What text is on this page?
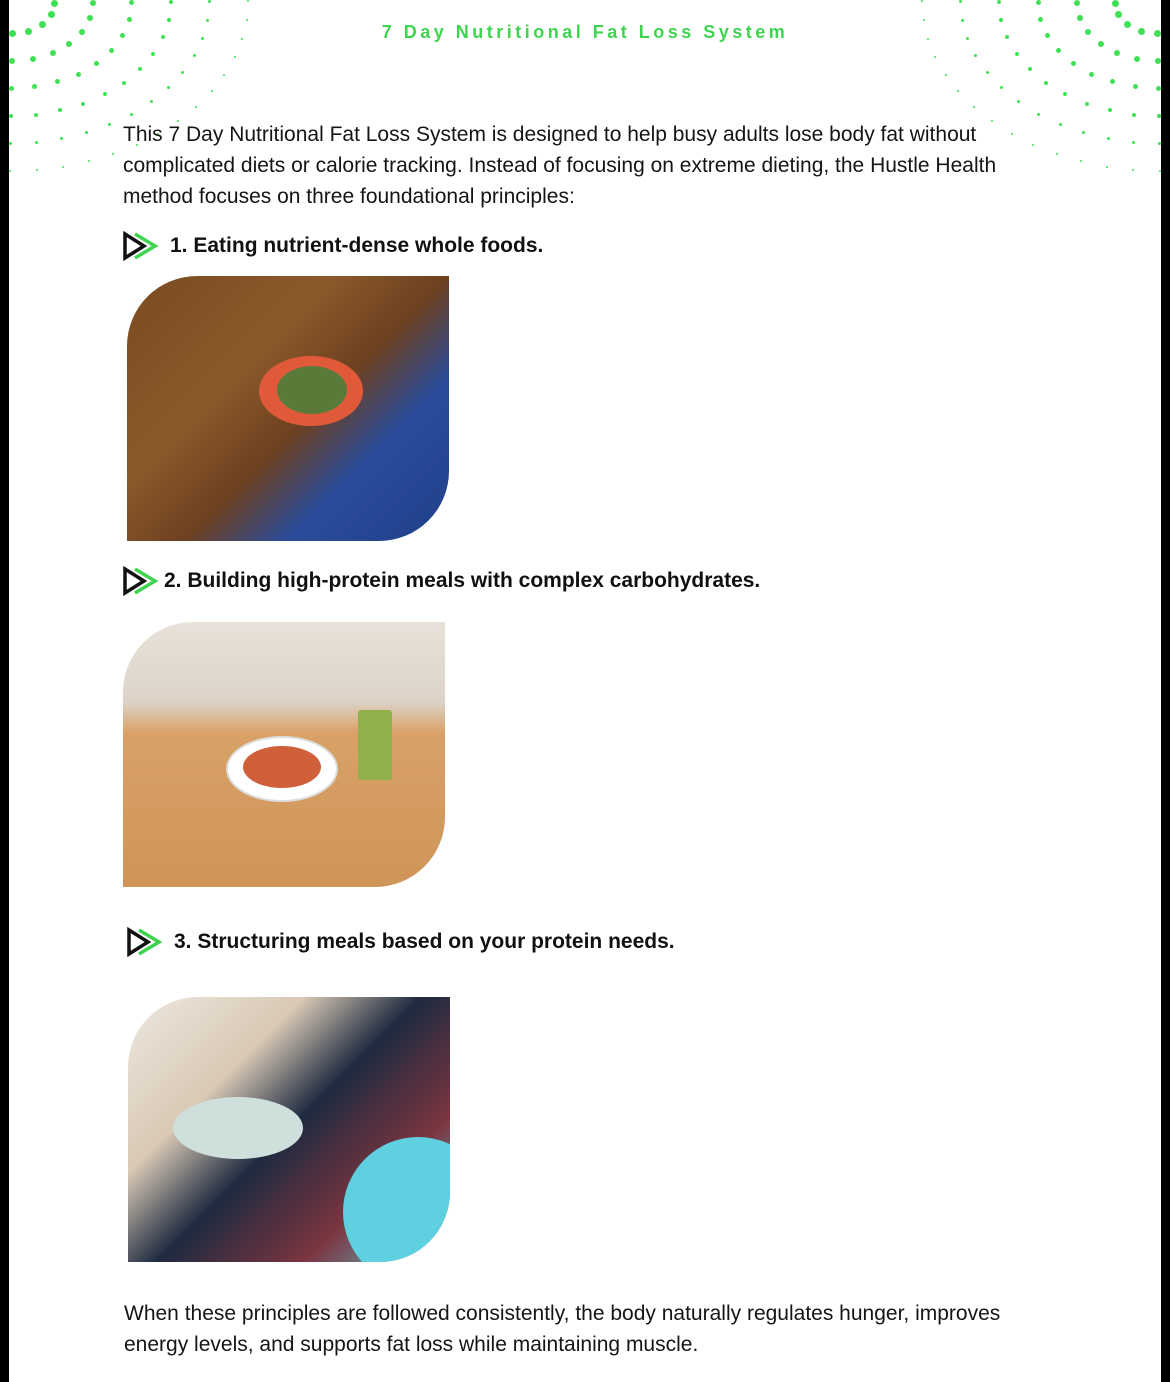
7 Day Nutritional Fat Loss System

This 7 Day Nutritional Fat Loss System is designed to help busy adults lose body fat without complicated diets or calorie tracking. Instead of focusing on extreme dieting, the Hustle Health method focuses on three foundational principles:

1. Eating nutrient-dense whole foods.
2. Building high-protein meals with complex carbohydrates.
3. Structuring meals based on your protein needs.

When these principles are followed consistently, the body naturally regulates hunger, improves energy levels, and supports fat loss while maintaining muscle.
